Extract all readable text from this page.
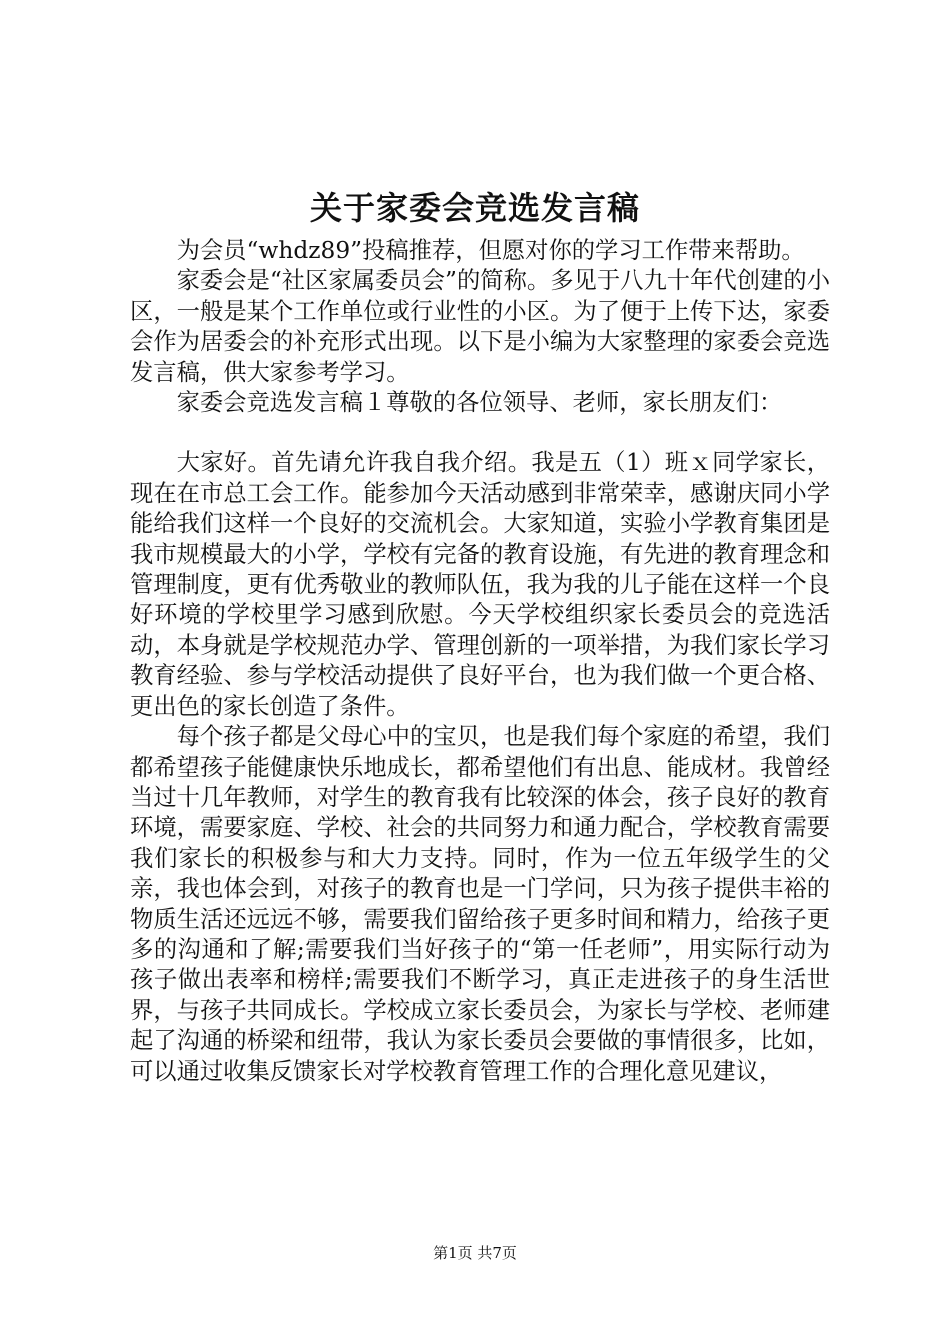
关于家委会竞选发言稿

为会员“whdz89”投稿推荐，但愿对你的学习工作带来帮助。

家委会是“社区家属委员会”的简称。多见于八九十年代创建的小区，一般是某个工作单位或行业性的小区。为了便于上传下达，家委会作为居委会的补充形式出现。以下是小编为大家整理的家委会竞选发言稿，供大家参考学习。

家委会竞选发言稿１尊敬的各位领导、老师，家长朋友们：

大家好。首先请允许我自我介绍。我是五（1）班ｘ同学家长，现在在市总工会工作。能参加今天活动感到非常荣幸，感谢庆同小学能给我们这样一个良好的交流机会。大家知道，实验小学教育集团是我市规模最大的小学，学校有完备的教育设施，有先进的教育理念和管理制度，更有优秀敬业的教师队伍，我为我的儿子能在这样一个良好环境的学校里学习感到欣慰。今天学校组织家长委员会的竞选活动，本身就是学校规范办学、管理创新的一项举措，为我们家长学习教育经验、参与学校活动提供了良好平台，也为我们做一个更合格、更出色的家长创造了条件。

每个孩子都是父母心中的宝贝，也是我们每个家庭的希望，我们都希望孩子能健康快乐地成长，都希望他们有出息、能成材。我曾经当过十几年教师，对学生的教育我有比较深的体会，孩子良好的教育环境，需要家庭、学校、社会的共同努力和通力配合，学校教育需要我们家长的积极参与和大力支持。同时，作为一位五年级学生的父亲，我也体会到，对孩子的教育也是一门学问，只为孩子提供丰裕的物质生活还远远不够，需要我们留给孩子更多时间和精力，给孩子更多的沟通和了解;需要我们当好孩子的“第一任老师”，用实际行动为孩子做出表率和榜样;需要我们不断学习，真正走进孩子的身生活世界，与孩子共同成长。学校成立家长委员会，为家长与学校、老师建起了沟通的桥梁和纽带，我认为家长委员会要做的事情很多，比如，可以通过收集反馈家长对学校教育管理工作的合理化意见建议，

第1页 共7页
